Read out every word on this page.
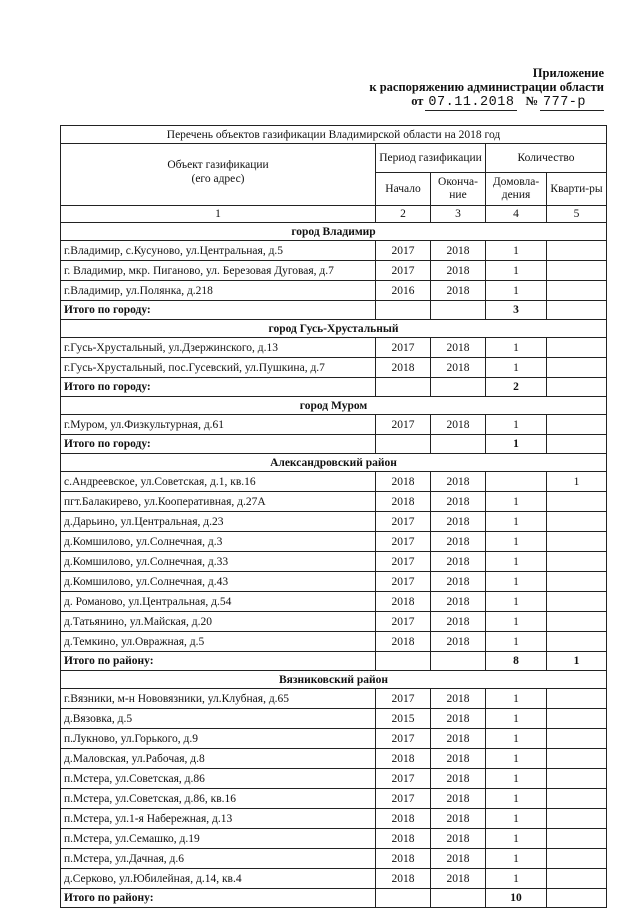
Приложение
к распоряжению администрации области
от 07.11.2018 № 777-р
Перечень объектов газификации Владимирской области на 2018 год				

Объект газификации
(его адрес)	Период газификации		Количество	
	Начало	Оконча-ние	Домовла-дения	Кварти-ры
1	2	3	4	5
город Владимир				
г.Владимир, с.Кусуново, ул.Центральная, д.5	2017	2018	1	
г. Владимир, мкр. Пиганово, ул. Березовая Дуговая, д.7	2017	2018	1	
г.Владимир, ул.Полянка, д.218	2016	2018	1	
Итого по городу:			3	
город Гусь-Хрустальный				
г.Гусь-Хрустальный, ул.Дзержинского, д.13	2017	2018	1	
г.Гусь-Хрустальный, пос.Гусевский, ул.Пушкина, д.7	2018	2018	1	
Итого по городу:			2	
город Муром				
г.Муром, ул.Физкультурная, д.61	2017	2018	1	
Итого по городу:			1	
Александровский район				
с.Андреевское, ул.Советская, д.1, кв.16	2018	2018		1
пгт.Балакирево, ул.Кооперативная, д.27А	2018	2018	1	
д.Дарьино, ул.Центральная, д.23	2017	2018	1	
д.Комшилово, ул.Солнечная, д.3	2017	2018	1	
д.Комшилово, ул.Солнечная, д.33	2017	2018	1	
д.Комшилово, ул.Солнечная, д.43	2017	2018	1	
д. Романово, ул.Центральная, д.54	2018	2018	1	
д.Татьянино, ул.Майская, д.20	2017	2018	1	
д.Темкино, ул.Овражная, д.5	2018	2018	1	
Итого по району:			8	1
Вязниковский район				
г.Вязники, м-н Нововязники, ул.Клубная, д.65	2017	2018	1	
д.Вязовка, д.5	2015	2018	1	
п.Лукново, ул.Горького, д.9	2017	2018	1	
д.Маловская, ул.Рабочая, д.8	2018	2018	1	
п.Мстера, ул.Советская, д.86	2017	2018	1	
п.Мстера, ул.Советская, д.86, кв.16	2017	2018	1	
п.Мстера, ул.1-я Набережная, д.13	2018	2018	1	
п.Мстера, ул.Семашко, д.19	2018	2018	1	
п.Мстера, ул.Дачная, д.6	2018	2018	1	
д.Серково, ул.Юбилейная, д.14, кв.4	2018	2018	1	
Итого по району:			10	
